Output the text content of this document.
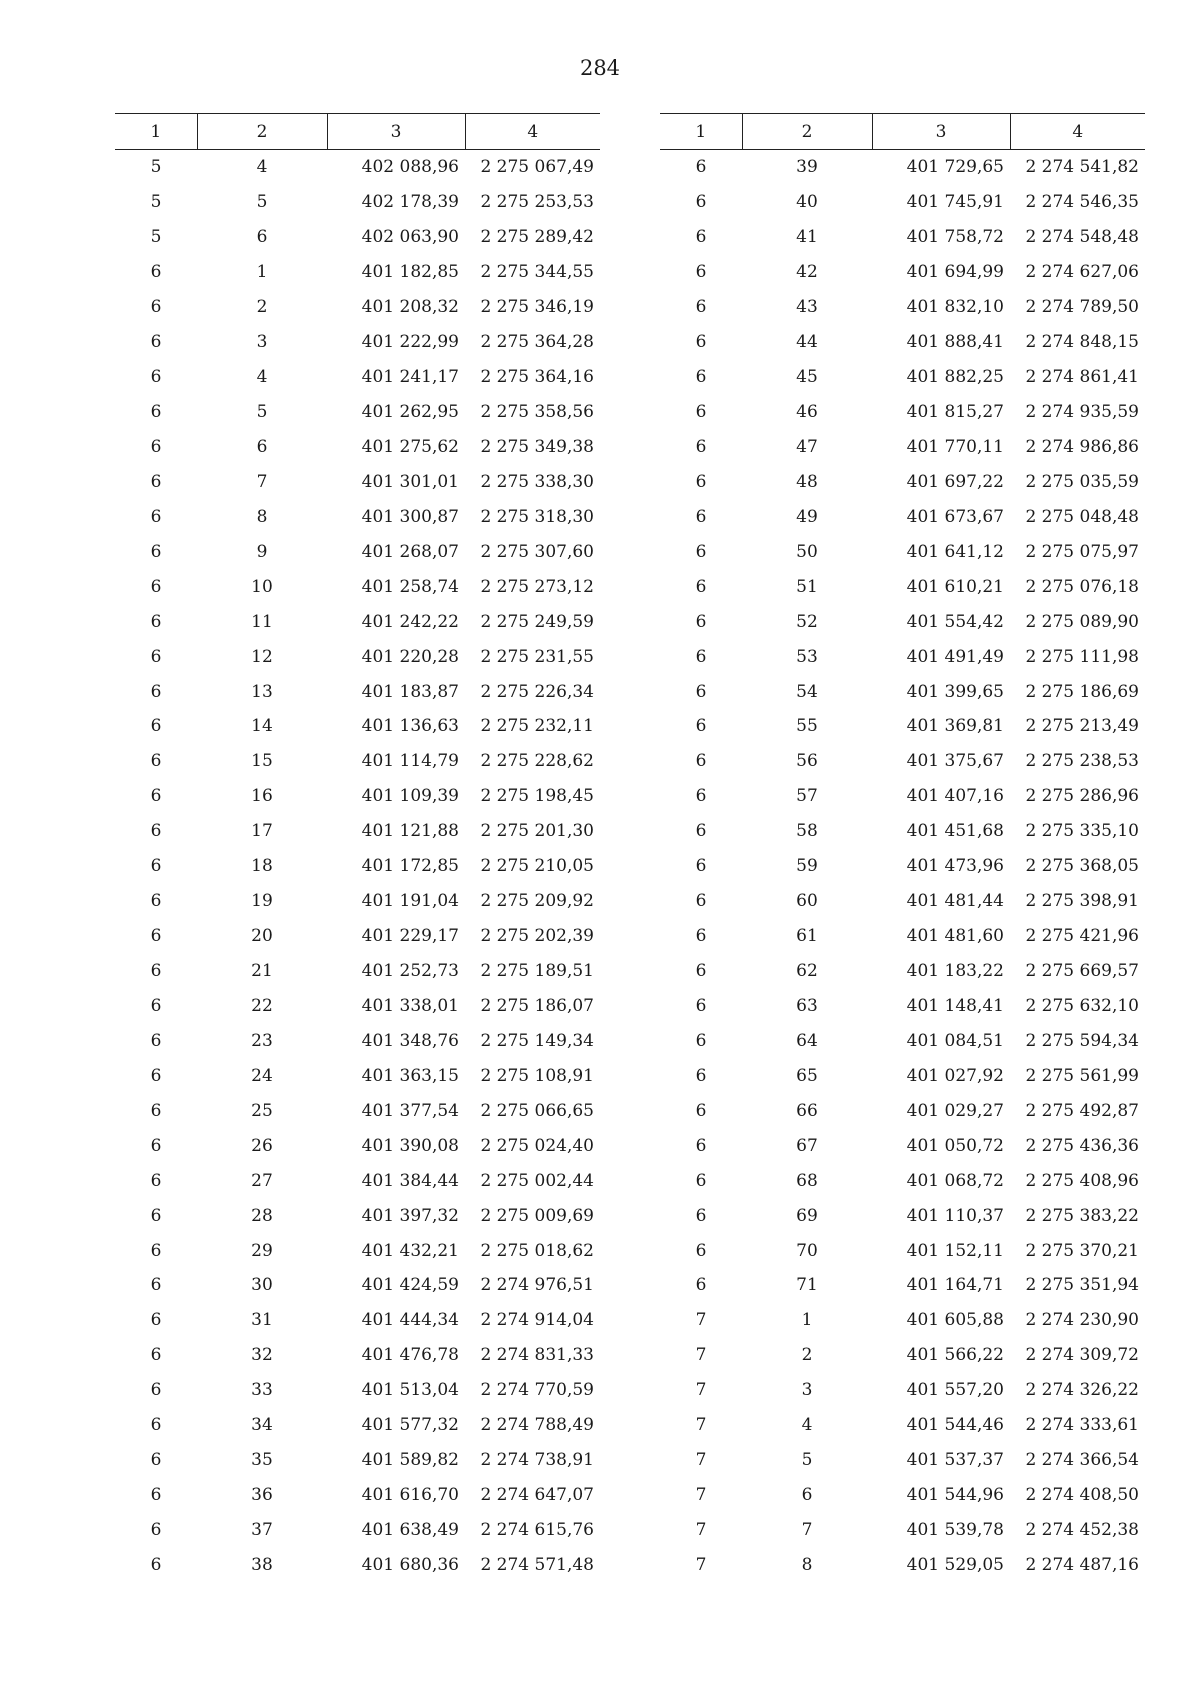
284
1	2	3	4
5	4	402 088,96	2 275 067,49
5	5	402 178,39	2 275 253,53
5	6	402 063,90	2 275 289,42
6	1	401 182,85	2 275 344,55
6	2	401 208,32	2 275 346,19
6	3	401 222,99	2 275 364,28
6	4	401 241,17	2 275 364,16
6	5	401 262,95	2 275 358,56
6	6	401 275,62	2 275 349,38
6	7	401 301,01	2 275 338,30
6	8	401 300,87	2 275 318,30
6	9	401 268,07	2 275 307,60
6	10	401 258,74	2 275 273,12
6	11	401 242,22	2 275 249,59
6	12	401 220,28	2 275 231,55
6	13	401 183,87	2 275 226,34
6	14	401 136,63	2 275 232,11
6	15	401 114,79	2 275 228,62
6	16	401 109,39	2 275 198,45
6	17	401 121,88	2 275 201,30
6	18	401 172,85	2 275 210,05
6	19	401 191,04	2 275 209,92
6	20	401 229,17	2 275 202,39
6	21	401 252,73	2 275 189,51
6	22	401 338,01	2 275 186,07
6	23	401 348,76	2 275 149,34
6	24	401 363,15	2 275 108,91
6	25	401 377,54	2 275 066,65
6	26	401 390,08	2 275 024,40
6	27	401 384,44	2 275 002,44
6	28	401 397,32	2 275 009,69
6	29	401 432,21	2 275 018,62
6	30	401 424,59	2 274 976,51
6	31	401 444,34	2 274 914,04
6	32	401 476,78	2 274 831,33
6	33	401 513,04	2 274 770,59
6	34	401 577,32	2 274 788,49
6	35	401 589,82	2 274 738,91
6	36	401 616,70	2 274 647,07
6	37	401 638,49	2 274 615,76
6	38	401 680,36	2 274 571,48
1	2	3	4
6	39	401 729,65	2 274 541,82
6	40	401 745,91	2 274 546,35
6	41	401 758,72	2 274 548,48
6	42	401 694,99	2 274 627,06
6	43	401 832,10	2 274 789,50
6	44	401 888,41	2 274 848,15
6	45	401 882,25	2 274 861,41
6	46	401 815,27	2 274 935,59
6	47	401 770,11	2 274 986,86
6	48	401 697,22	2 275 035,59
6	49	401 673,67	2 275 048,48
6	50	401 641,12	2 275 075,97
6	51	401 610,21	2 275 076,18
6	52	401 554,42	2 275 089,90
6	53	401 491,49	2 275 111,98
6	54	401 399,65	2 275 186,69
6	55	401 369,81	2 275 213,49
6	56	401 375,67	2 275 238,53
6	57	401 407,16	2 275 286,96
6	58	401 451,68	2 275 335,10
6	59	401 473,96	2 275 368,05
6	60	401 481,44	2 275 398,91
6	61	401 481,60	2 275 421,96
6	62	401 183,22	2 275 669,57
6	63	401 148,41	2 275 632,10
6	64	401 084,51	2 275 594,34
6	65	401 027,92	2 275 561,99
6	66	401 029,27	2 275 492,87
6	67	401 050,72	2 275 436,36
6	68	401 068,72	2 275 408,96
6	69	401 110,37	2 275 383,22
6	70	401 152,11	2 275 370,21
6	71	401 164,71	2 275 351,94
7	1	401 605,88	2 274 230,90
7	2	401 566,22	2 274 309,72
7	3	401 557,20	2 274 326,22
7	4	401 544,46	2 274 333,61
7	5	401 537,37	2 274 366,54
7	6	401 544,96	2 274 408,50
7	7	401 539,78	2 274 452,38
7	8	401 529,05	2 274 487,16
